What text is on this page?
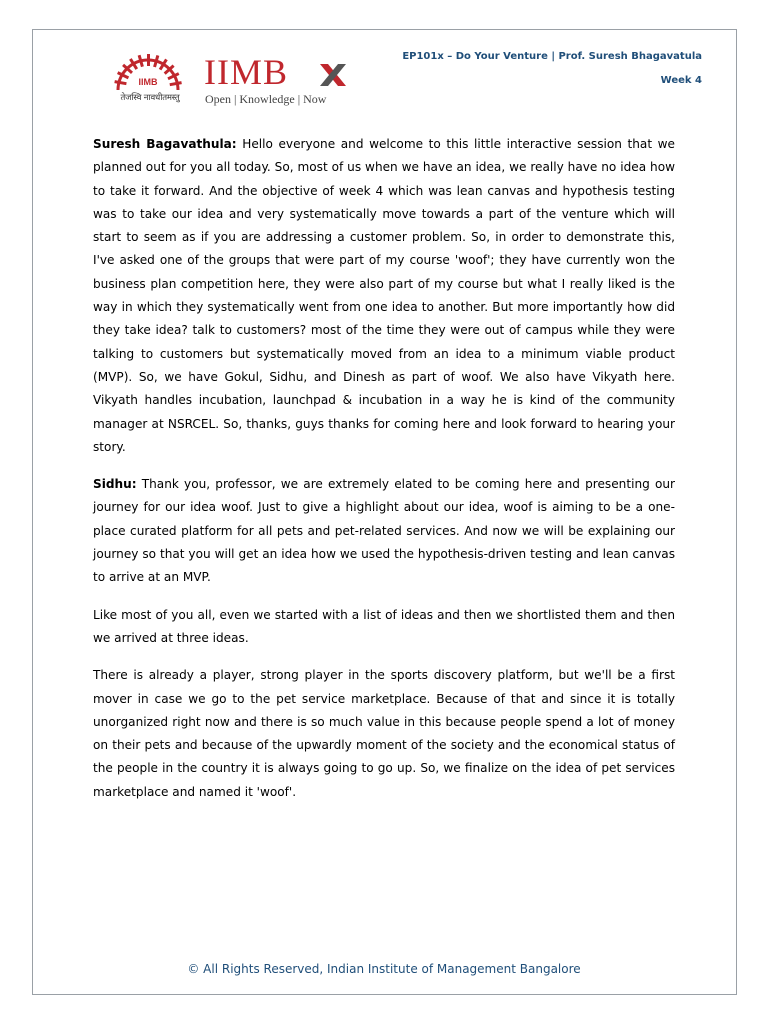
IIMB
तेजस्वि नावधीतमस्तु
IIMB
Open | Knowledge | Now
EP101x – Do Your Venture | Prof. Suresh Bhagavatula
Week 4

Suresh Bagavathula: Hello everyone and welcome to this little interactive session that we planned out for you all today. So, most of us when we have an idea, we really have no idea how to take it forward. And the objective of week 4 which was lean canvas and hypothesis testing was to take our idea and very systematically move towards a part of the venture which will start to seem as if you are addressing a customer problem. So, in order to demonstrate this, I've asked one of the groups that were part of my course 'woof'; they have currently won the business plan competition here, they were also part of my course but what I really liked is the way in which they systematically went from one idea to another. But more importantly how did they take idea? talk to customers? most of the time they were out of campus while they were talking to customers but systematically moved from an idea to a minimum viable product (MVP). So, we have Gokul, Sidhu, and Dinesh as part of woof. We also have Vikyath here. Vikyath handles incubation, launchpad & incubation in a way he is kind of the community manager at NSRCEL. So, thanks, guys thanks for coming here and look forward to hearing your story.

Sidhu: Thank you, professor, we are extremely elated to be coming here and presenting our journey for our idea woof. Just to give a highlight about our idea, woof is aiming to be a one-place curated platform for all pets and pet-related services. And now we will be explaining our journey so that you will get an idea how we used the hypothesis-driven testing and lean canvas to arrive at an MVP.

Like most of you all, even we started with a list of ideas and then we shortlisted them and then we arrived at three ideas.

There is already a player, strong player in the sports discovery platform, but we'll be a first mover in case we go to the pet service marketplace. Because of that and since it is totally unorganized right now and there is so much value in this because people spend a lot of money on their pets and because of the upwardly moment of the society and the economical status of the people in the country it is always going to go up. So, we finalize on the idea of pet services marketplace and named it 'woof'.

© All Rights Reserved, Indian Institute of Management Bangalore
